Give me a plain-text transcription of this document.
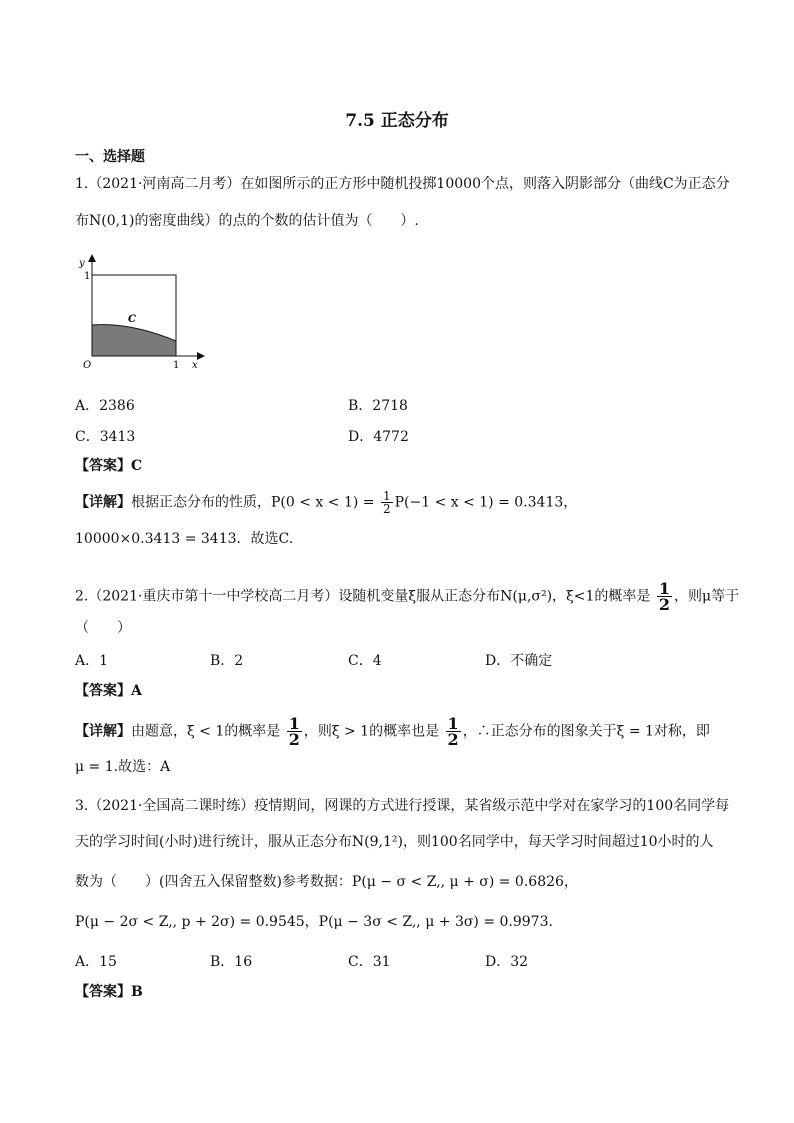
7.5 正态分布
一、选择题
1.（2021·河南高二月考）在如图所示的正方形中随机投掷10000个点，则落入阴影部分（曲线C为正态分
布N(0,1)的密度曲线）的点的个数的估计值为（　　）.
y
1
O	1 x
C
A．2386	B．2718
C．3413	D．4772
【答案】C
【详解】根据正态分布的性质，$P(0 < x < 1) = \frac{1}{2} P(-1 < x < 1) = 0.3413$，
10000×0.3413 = 3413．故选C.
2.（2021·重庆市第十一中学校高二月考）设随机变量ξ服从正态分布N(μ,σ²)，ξ<1的概率是 $\frac{1}{2}$ ，则μ等于
（　　）
A．1	B．2	C．4	D．不确定
【答案】A
【详解】由题意，ξ < 1的概率是 $\frac{1}{2}$ ，则ξ > 1的概率也是 $\frac{1}{2}$ ，∴正态分布的图象关于ξ = 1对称，即
μ = 1.故选：A
3.（2021·全国高二课时练）疫情期间，网课的方式进行授课，某省级示范中学对在家学习的100名同学每
天的学习时间(小时)进行统计，服从正态分布N(9,1²)，则100名同学中，每天学习时间超过10小时的人
数为（　　）(四舍五入保留整数)参考数据：P(μ − σ < Z,, μ + σ) = 0.6826，
P(μ − 2σ < Z,, p + 2σ) = 0.9545，P(μ − 3σ < Z,, μ + 3σ) = 0.9973.
A．15	B．16	C．31	D．32
【答案】B
